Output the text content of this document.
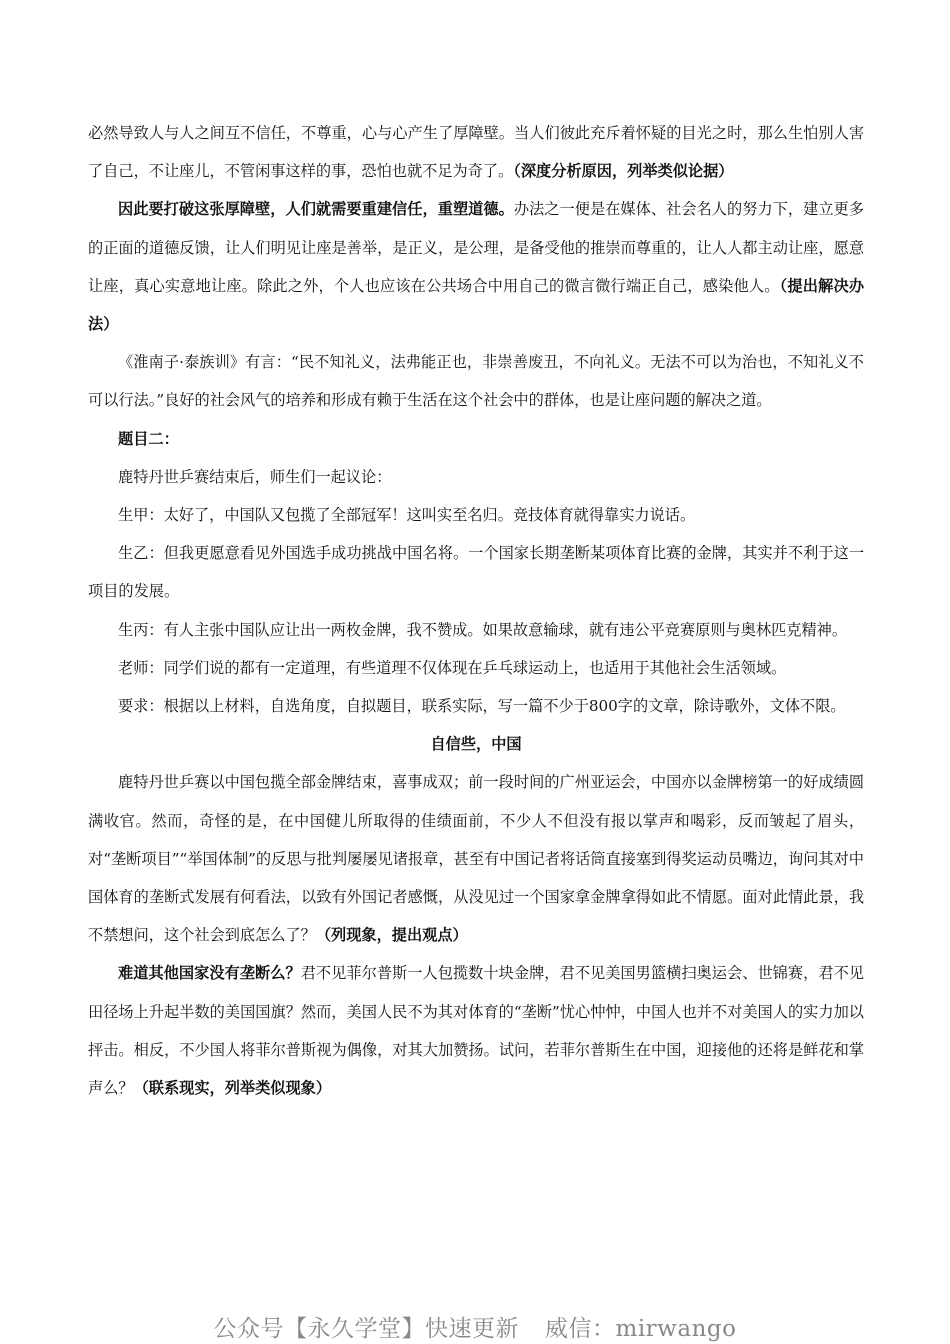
必然导致人与人之间互不信任，不尊重，心与心产生了厚障壁。当人们彼此充斥着怀疑的目光之时，那么生怕别人害了自己，不让座儿，不管闲事这样的事，恐怕也就不足为奇了。（深度分析原因，列举类似论据）

因此要打破这张厚障壁，人们就需要重建信任，重塑道德。办法之一便是在媒体、社会名人的努力下，建立更多的正面的道德反馈，让人们明见让座是善举，是正义，是公理，是备受他的推崇而尊重的，让人人都主动让座，愿意让座，真心实意地让座。除此之外，个人也应该在公共场合中用自己的微言微行端正自己，感染他人。（提出解决办法）

《淮南子·泰族训》有言：“民不知礼义，法弗能正也，非崇善废丑，不向礼义。无法不可以为治也，不知礼义不可以行法。”良好的社会风气的培养和形成有赖于生活在这个社会中的群体，也是让座问题的解决之道。

题目二：

鹿特丹世乒赛结束后，师生们一起议论：

生甲：太好了，中国队又包揽了全部冠军！这叫实至名归。竞技体育就得靠实力说话。

生乙：但我更愿意看见外国选手成功挑战中国名将。一个国家长期垄断某项体育比赛的金牌，其实并不利于这一项目的发展。

生丙：有人主张中国队应让出一两枚金牌，我不赞成。如果故意输球，就有违公平竞赛原则与奥林匹克精神。

老师：同学们说的都有一定道理，有些道理不仅体现在乒乓球运动上，也适用于其他社会生活领域。

要求：根据以上材料，自选角度，自拟题目，联系实际，写一篇不少于800字的文章，除诗歌外，文体不限。

自信些，中国

鹿特丹世乒赛以中国包揽全部金牌结束，喜事成双；前一段时间的广州亚运会，中国亦以金牌榜第一的好成绩圆满收官。然而，奇怪的是，在中国健儿所取得的佳绩面前，不少人不但没有报以掌声和喝彩，反而皱起了眉头，对“垄断项目”“举国体制”的反思与批判屡屡见诸报章，甚至有中国记者将话筒直接塞到得奖运动员嘴边，询问其对中国体育的垄断式发展有何看法，以致有外国记者感慨，从没见过一个国家拿金牌拿得如此不情愿。面对此情此景，我不禁想问，这个社会到底怎么了？（列现象，提出观点）

难道其他国家没有垄断么？君不见菲尔普斯一人包揽数十块金牌，君不见美国男篮横扫奥运会、世锦赛，君不见田径场上升起半数的美国国旗？然而，美国人民不为其对体育的“垄断”忧心忡忡，中国人也并不对美国人的实力加以抨击。相反，不少国人将菲尔普斯视为偶像，对其大加赞扬。试问，若菲尔普斯生在中国，迎接他的还将是鲜花和掌声么？（联系现实，列举类似现象）

公众号【永久学堂】快速更新 威信：mirwango
